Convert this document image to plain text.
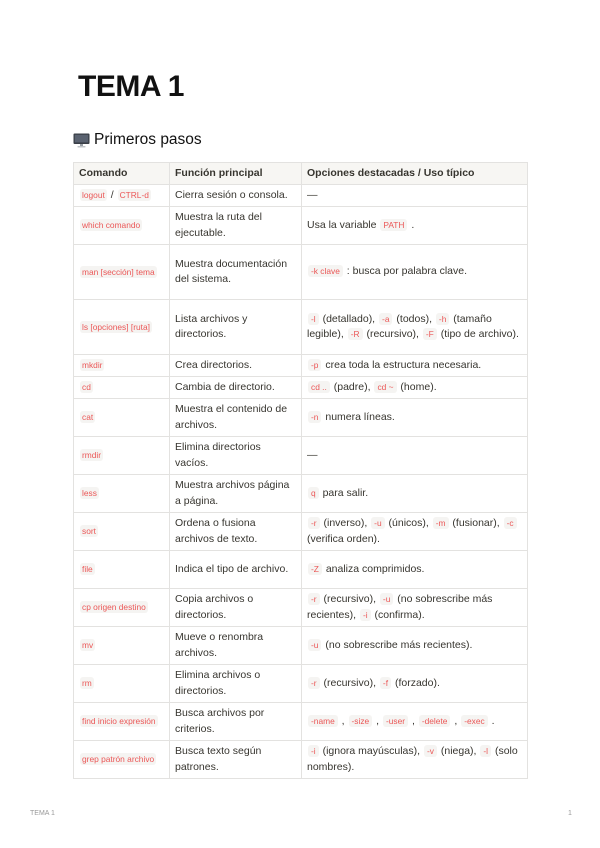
TEMA 1
Primeros pasos
Comando	Función principal	Opciones destacadas / Uso típico
logout / CTRL-d	Cierra sesión o consola.	—
which comando	Muestra la ruta del ejecutable.	Usa la variable PATH .
man [sección] tema	Muestra documentación del sistema.	-k clave : busca por palabra clave.
ls [opciones] [ruta]	Lista archivos y directorios.	-l (detallado), -a (todos), -h (tamaño legible), -R (recursivo), -F (tipo de archivo).
mkdir	Crea directorios.	-p crea toda la estructura necesaria.
cd	Cambia de directorio.	cd .. (padre), cd ~ (home).
cat	Muestra el contenido de archivos.	-n numera líneas.
rmdir	Elimina directorios vacíos.	—
less	Muestra archivos página a página.	q para salir.
sort	Ordena o fusiona archivos de texto.	-r (inverso), -u (únicos), -m (fusionar), -c (verifica orden).
file	Indica el tipo de archivo.	-Z analiza comprimidos.
cp origen destino	Copia archivos o directorios.	-r (recursivo), -u (no sobrescribe más recientes), -i (confirma).
mv	Mueve o renombra archivos.	-u (no sobrescribe más recientes).
rm	Elimina archivos o directorios.	-r (recursivo), -f (forzado).
find inicio expresión	Busca archivos por criterios.	-name , -size , -user , -delete , -exec .
grep patrón archivo	Busca texto según patrones.	-i (ignora mayúsculas), -v (niega), -l (solo nombres).
TEMA 1	1
